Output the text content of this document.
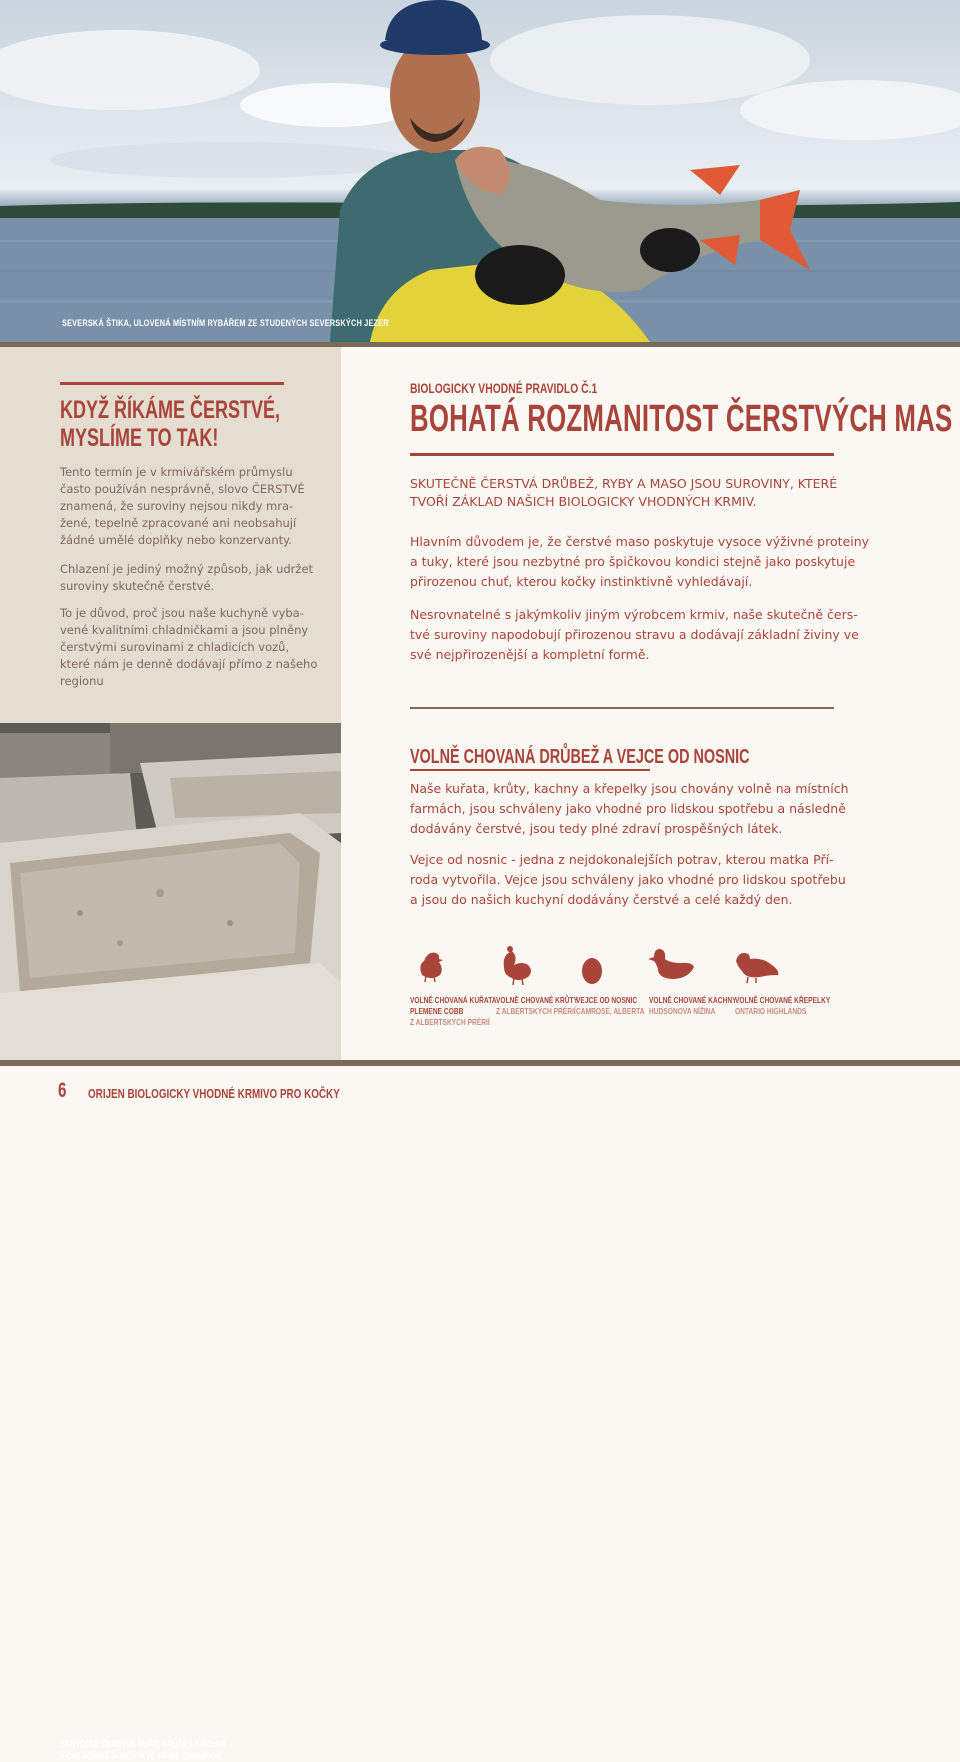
SEVERSKÁ ŠTIKA, ULOVENÁ MÍSTNÍM RYBÁŘEM ZE STUDENÝCH SEVERSKÝCH JEZER
KDYŽ ŘÍKÁME ČERSTVÉ,
MYSLÍME TO TAK!
Tento termín je v krmivářském průmyslu
často používán nesprávně, slovo ČERSTVÉ
znamená, že suroviny nejsou nikdy mra-
žené, tepelně zpracované ani neobsahují
žádné umělé doplňky nebo konzervanty.
Chlazení je jediný možný způsob, jak udržet
suroviny skutečně čerstvé.
To je důvod, proč jsou naše kuchyně vyba-
vené kvalitními chladničkami a jsou plněny
čerstvými surovinami z chladicích vozů,
které nám je denně dodávají přímo z našeho
regionu
SKUTEČNĚ ČERSTVÉ KUŘE, KRŮTA A KACHNA
V CHLADÍRNĚ SUROVIN VE FIRMĚ CHAMPION.
BIOLOGICKY VHODNÉ PRAVIDLO Č.1
BOHATÁ ROZMANITOST ČERSTVÝCH MAS
SKUTEČNĚ ČERSTVÁ DRŮBEŽ, RYBY A MASO JSOU SUROVINY, KTERÉ
TVOŘÍ ZÁKLAD NAŠICH BIOLOGICKY VHODNÝCH KRMIV.
Hlavním důvodem je, že čerstvé maso poskytuje vysoce výživné proteiny
a tuky, které jsou nezbytné pro špičkovou kondici stejně jako poskytuje
přirozenou chuť, kterou kočky instinktivně vyhledávají.
Nesrovnatelné s jakýmkoliv jiným výrobcem krmiv, naše skutečně čers-
tvé suroviny napodobují přirozenou stravu a dodávají základní živiny ve
své nejpřirozenější a kompletní formě.
VOLNĚ CHOVANÁ DRŮBEŽ A VEJCE OD NOSNIC
Naše kuřata, krůty, kachny a křepelky jsou chovány volně na místních
farmách, jsou schváleny jako vhodné pro lidskou spotřebu a následně
dodávány čerstvé, jsou tedy plné zdraví prospěšných látek.
Vejce od nosnic - jedna z nejdokonalejších potrav, kterou matka Pří-
roda vytvořila. Vejce jsou schváleny jako vhodné pro lidskou spotřebu
a jsou do našich kuchyní dodávány čerstvé a celé každý den.
VOLNĚ CHOVANÁ KUŘATA
PLEMENE COBB
Z ALBERTSKÝCH PRÉRIÍ
VOLNĚ CHOVANÉ KRŮTY
Z ALBERTSKÝCH PRÉRIÍ
VEJCE OD NOSNIC
CAMROSE, ALBERTA
VOLNĚ CHOVANÉ KACHNY
HUDSONOVA NÍŽINA
VOLNĚ CHOVANÉ KŘEPELKY
ONTARIO HIGHLANDS
6 ORIJEN BIOLOGICKY VHODNÉ KRMIVO PRO KOČKY
